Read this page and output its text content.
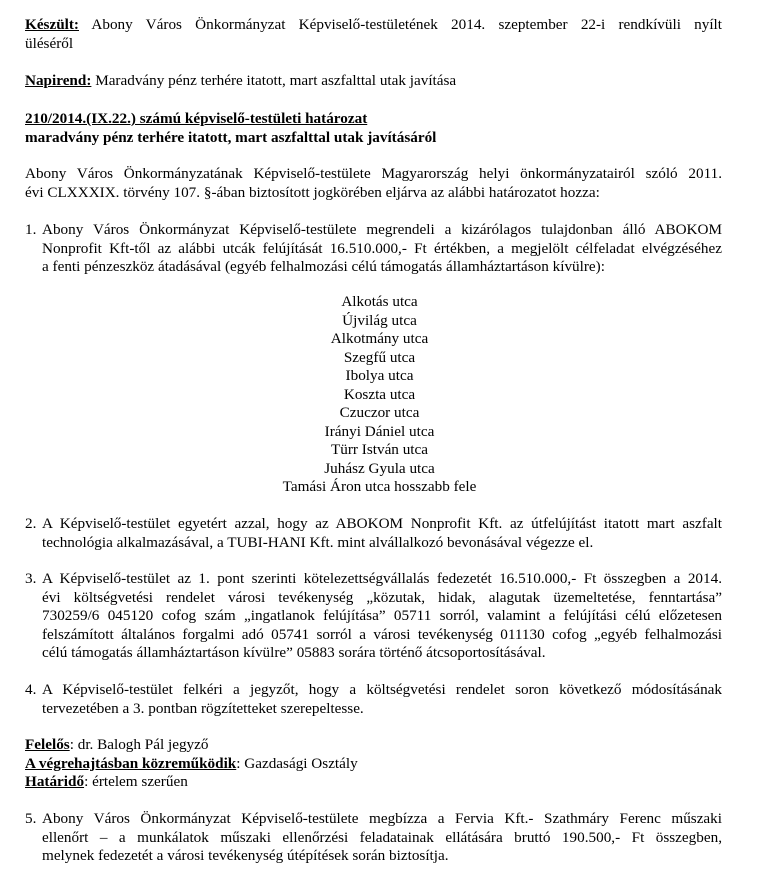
Készült: Abony Város Önkormányzat Képviselő-testületének 2014. szeptember 22-i rendkívüli nyílt
üléséről
Napirend: Maradvány pénz terhére itatott, mart aszfalttal utak javítása
210/2014.(IX.22.) számú képviselő-testületi határozat
maradvány pénz terhére itatott, mart aszfalttal utak javításáról
Abony Város Önkormányzatának Képviselő-testülete Magyarország helyi önkormányzatairól szóló 2011.
évi CLXXXIX. törvény 107. §-ában biztosított jogkörében eljárva az alábbi határozatot hozza:
1. Abony Város Önkormányzat Képviselő-testülete megrendeli a kizárólagos tulajdonban álló ABOKOM
Nonprofit Kft-től az alábbi utcák felújítását 16.510.000,- Ft értékben, a megjelölt célfeladat elvégzéséhez
a fenti pénzeszköz átadásával (egyéb felhalmozási célú támogatás államháztartáson kívülre):
Alkotás utca
Újvilág utca
Alkotmány utca
Szegfű utca
Ibolya utca
Koszta utca
Czuczor utca
Irányi Dániel utca
Türr István utca
Juhász Gyula utca
Tamási Áron utca hosszabb fele
2. A Képviselő-testület egyetért azzal, hogy az ABOKOM Nonprofit Kft. az útfelújítást itatott mart aszfalt
technológia alkalmazásával, a TUBI-HANI Kft. mint alvállalkozó bevonásával végezze el.
3. A Képviselő-testület az 1. pont szerinti kötelezettségvállalás fedezetét 16.510.000,- Ft összegben a 2014.
évi költségvetési rendelet városi tevékenység „közutak, hidak, alagutak üzemeltetése, fenntartása”
730259/6 045120 cofog szám „ingatlanok felújítása” 05711 sorról, valamint a felújítási célú előzetesen
felszámított általános forgalmi adó 05741 sorról a városi tevékenység 011130 cofog „egyéb felhalmozási
célú támogatás államháztartáson kívülre” 05883 sorára történő átcsoportosításával.
4. A Képviselő-testület felkéri a jegyzőt, hogy a költségvetési rendelet soron következő módosításának
tervezetében a 3. pontban rögzítetteket szerepeltesse.
Felelős: dr. Balogh Pál jegyző
A végrehajtásban közreműködik: Gazdasági Osztály
Határidő: értelem szerűen
5. Abony Város Önkormányzat Képviselő-testülete megbízza a Fervia Kft.- Szathmáry Ferenc műszaki
ellenőrt – a munkálatok műszaki ellenőrzési feladatainak ellátására bruttó 190.500,- Ft összegben,
melynek fedezetét a városi tevékenység útépítések során biztosítja.
